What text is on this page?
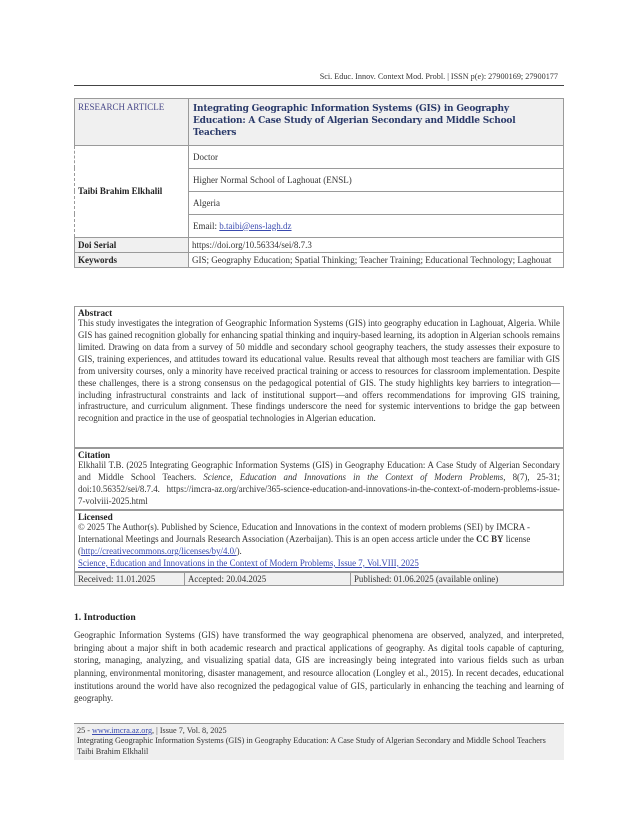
Sci. Educ. Innov. Context Mod. Probl. | ISSN p(e): 27900169; 27900177
RESEARCH ARTICLE	Integrating Geographic Information Systems (GIS) in Geography Education: A Case Study of Algerian Secondary and Middle School Teachers
Taibi Brahim Elkhalil	Doctor
	Higher Normal School of Laghouat (ENSL)
	Algeria
	Email: b.taibi@ens-lagh.dz
Doi Serial	https://doi.org/10.56334/sei/8.7.3
Keywords	GIS; Geography Education; Spatial Thinking; Teacher Training; Educational Technology; Laghouat
Abstract
This study investigates the integration of Geographic Information Systems (GIS) into geography education in Laghouat, Algeria. While GIS has gained recognition globally for enhancing spatial thinking and inquiry-based learning, its adoption in Algerian schools remains limited. Drawing on data from a survey of 50 middle and secondary school geography teachers, the study assesses their exposure to GIS, training experiences, and attitudes toward its educational value. Results reveal that although most teachers are familiar with GIS from university courses, only a minority have received practical training or access to resources for classroom implementation. Despite these challenges, there is a strong consensus on the pedagogical potential of GIS. The study highlights key barriers to integration—including infrastructural constraints and lack of institutional support—and offers recommendations for improving GIS training, infrastructure, and curriculum alignment. These findings underscore the need for systemic interventions to bridge the gap between recognition and practice in the use of geospatial technologies in Algerian education.
Citation
Elkhalil T.B. (2025 Integrating Geographic Information Systems (GIS) in Geography Education: A Case Study of Algerian Secondary and Middle School Teachers. Science, Education and Innovations in the Context of Modern Problems, 8(7), 25-31; doi:10.56352/sei/8.7.4. https://imcra-az.org/archive/365-science-education-and-innovations-in-the-context-of-modern-problems-issue-7-volviii-2025.html
Licensed
© 2025 The Author(s). Published by Science, Education and Innovations in the context of modern problems (SEI) by IMCRA - International Meetings and Journals Research Association (Azerbaijan). This is an open access article under the CC BY license (http://creativecommons.org/licenses/by/4.0/).
Science, Education and Innovations in the Context of Modern Problems, Issue 7, Vol.VIII, 2025
Received: 11.01.2025	Accepted: 20.04.2025	Published: 01.06.2025 (available online)
1. Introduction
Geographic Information Systems (GIS) have transformed the way geographical phenomena are observed, analyzed, and interpreted, bringing about a major shift in both academic research and practical applications of geography. As digital tools capable of capturing, storing, managing, analyzing, and visualizing spatial data, GIS are increasingly being integrated into various fields such as urban planning, environmental monitoring, disaster management, and resource allocation (Longley et al., 2015). In recent decades, educational institutions around the world have also recognized the pedagogical value of GIS, particularly in enhancing the teaching and learning of geography.
25 - www.imcra.az.org, | Issue 7, Vol. 8, 2025
Integrating Geographic Information Systems (GIS) in Geography Education: A Case Study of Algerian Secondary and Middle School Teachers
Taibi Brahim Elkhalil
